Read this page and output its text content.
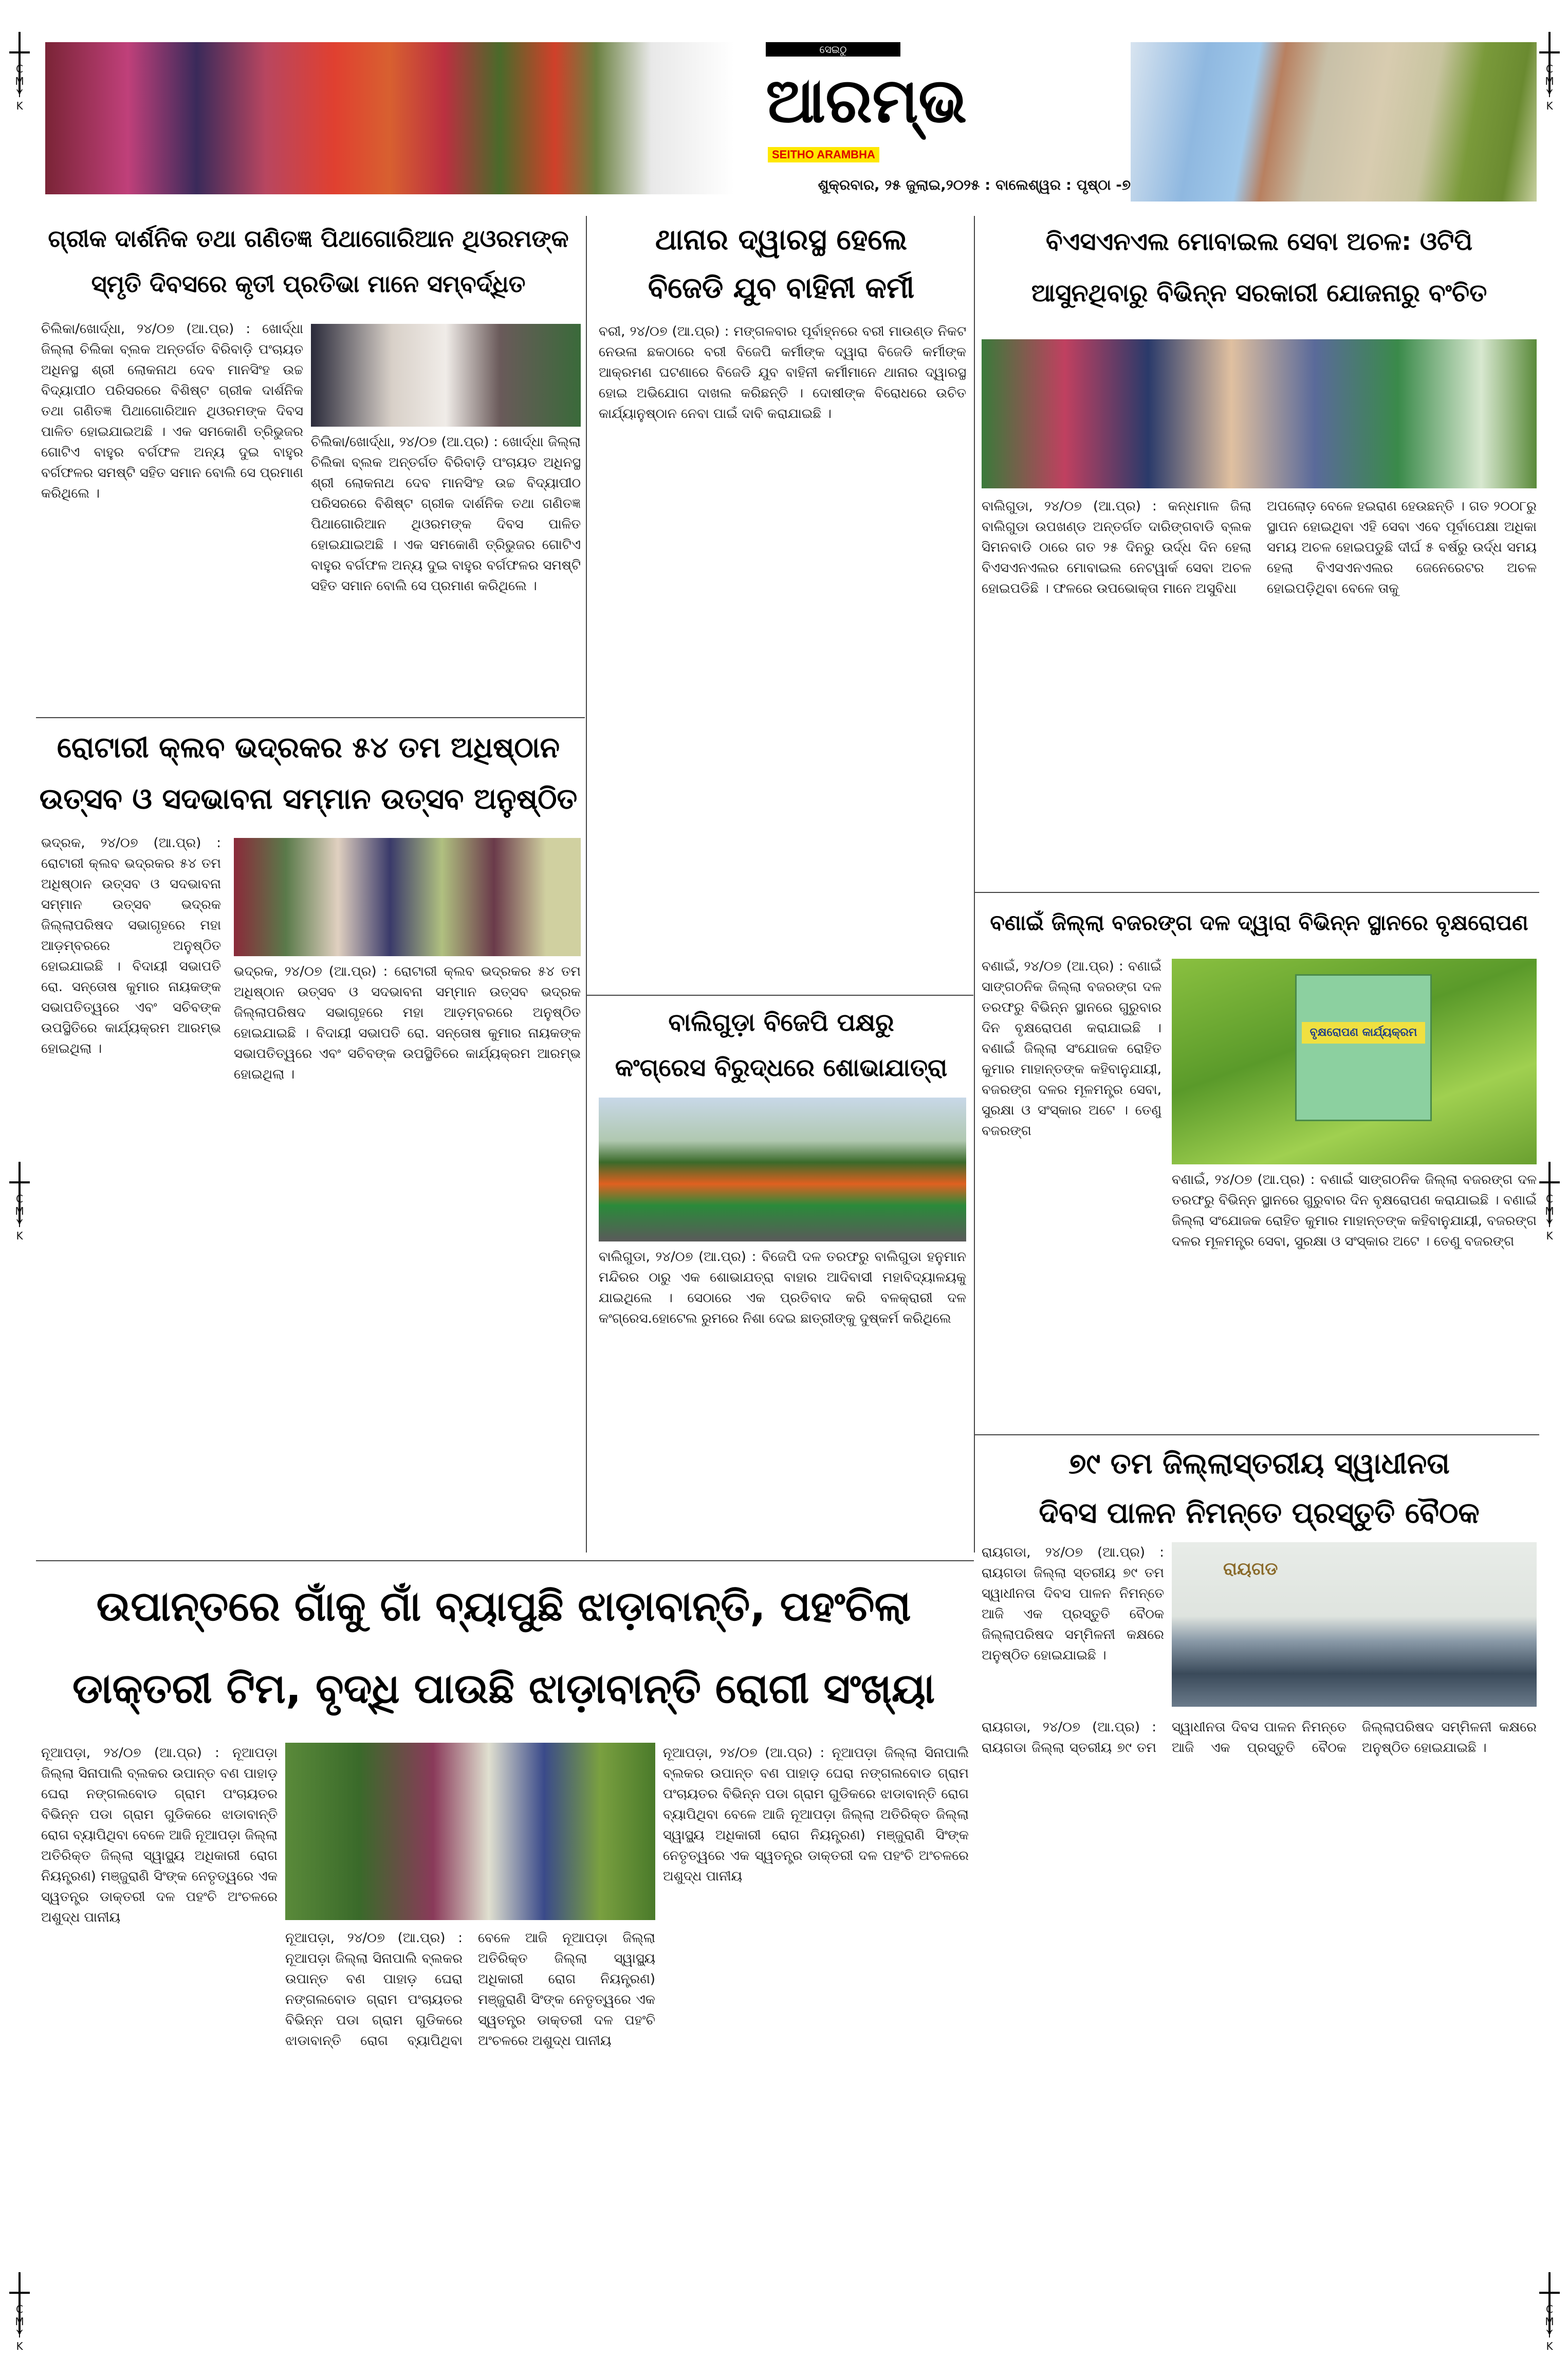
CMYK
CMYK
CMYK
CMYK
CMYK
CMYK
ସେଇଠୁ
ଆରମ୍ଭ
SEITHO ARAMBHA
ଶୁକ୍ରବାର, ୨୫ ଜୁଲାଇ,୨୦୨୫ : ବାଲେଶ୍ୱର : ପୃଷ୍ଠା -୭
ଗ୍ରୀକ ଦାର୍ଶନିକ ତଥା ଗଣିତଜ୍ଞ ପିଥାଗୋରିଆନ ଥିଓରମଙ୍କ
ସ୍ମୃତି ଦିବସରେ କୃତୀ ପ୍ରତିଭା ମାନେ ସମ୍ବର୍ଦ୍ଧିତ

ଚିଲିକା/ଖୋର୍ଦ୍ଧା, ୨୪/୦୭ (ଆ.ପ୍ର) : ଖୋର୍ଦ୍ଧା ଜିଲ୍ଲା ଚିଲିକା ବ୍ଲକ ଅନ୍ତର୍ଗତ ବିରିବାଡ଼ି ପଂଚାୟତ ଅଧିନସ୍ଥ ଶ୍ରୀ ଲୋକନାଥ ଦେବ ମାନସିଂହ ଉଚ୍ଚ ବିଦ୍ୟାପୀଠ ପରିସରରେ ବିଶିଷ୍ଟ ଗ୍ରୀକ ଦାର୍ଶନିକ ତଥା ଗଣିତଜ୍ଞ ପିଥାଗୋରିଆନ ଥିଓରମଙ୍କ ଦିବସ ପାଳିତ ହୋଇଯାଇଅଛି । ଏକ ସମକୋଣି ତ୍ରିଭୁଜର ଗୋଟିଏ ବାହୁର ବର୍ଗଫଳ ଅନ୍ୟ ଦୁଇ ବାହୁର ବର୍ଗଫଳର ସମଷ୍ଟି ସହିତ ସମାନ ବୋଲି ସେ ପ୍ରମାଣ କରିଥିଲେ ।

ଚିଲିକା/ଖୋର୍ଦ୍ଧା, ୨୪/୦୭ (ଆ.ପ୍ର) : ଖୋର୍ଦ୍ଧା ଜିଲ୍ଲା ଚିଲିକା ବ୍ଲକ ଅନ୍ତର୍ଗତ ବିରିବାଡ଼ି ପଂଚାୟତ ଅଧିନସ୍ଥ ଶ୍ରୀ ଲୋକନାଥ ଦେବ ମାନସିଂହ ଉଚ୍ଚ ବିଦ୍ୟାପୀଠ ପରିସରରେ ବିଶିଷ୍ଟ ଗ୍ରୀକ ଦାର୍ଶନିକ ତଥା ଗଣିତଜ୍ଞ ପିଥାଗୋରିଆନ ଥିଓରମଙ୍କ ଦିବସ ପାଳିତ ହୋଇଯାଇଅଛି । ଏକ ସମକୋଣି ତ୍ରିଭୁଜର ଗୋଟିଏ ବାହୁର ବର୍ଗଫଳ ଅନ୍ୟ ଦୁଇ ବାହୁର ବର୍ଗଫଳର ସମଷ୍ଟି ସହିତ ସମାନ ବୋଲି ସେ ପ୍ରମାଣ କରିଥିଲେ ।

ଥାନାର ଦ୍ୱାରସ୍ଥ ହେଲେ
ବିଜେଡି ଯୁବ ବାହିନୀ କର୍ମୀ

ବରୀ, ୨୪/୦୭ (ଆ.ପ୍ର) : ମଙ୍ଗଳବାର ପୂର୍ବାହ୍ନରେ ବରୀ ମାଉଣ୍ଡ ନିକଟ ନେଉଳା ଛକଠାରେ ବରୀ ବିଜେପି କର୍ମୀଙ୍କ ଦ୍ୱାରା ବିଜେଡି କର୍ମୀଙ୍କ ଆକ୍ରମଣ ଘଟଣାରେ ବିଜେଡି ଯୁବ ବାହିନୀ କର୍ମୀମାନେ ଥାନାର ଦ୍ୱାରସ୍ଥ ହୋଇ ଅଭିଯୋଗ ଦାଖଲ କରିଛନ୍ତି । ଦୋଷୀଙ୍କ ବିରୋଧରେ ଉଚିତ କାର୍ଯ୍ୟାନୁଷ୍ଠାନ ନେବା ପାଇଁ ଦାବି କରାଯାଇଛି ।

ବିଏସଏନଏଲ ମୋବାଇଲ ସେବା ଅଚଳ: ଓଟିପି
ଆସୁନଥିବାରୁ ବିଭିନ୍ନ ସରକାରୀ ଯୋଜନାରୁ ବଂଚିତ

ବାଲିଗୁଡା, ୨୪/୦୭ (ଆ.ପ୍ର) : କନ୍ଧମାଳ ଜିଲା ବାଲିଗୁଡା ଉପଖଣ୍ଡ ଅନ୍ତର୍ଗତ ଦାରିଙ୍ଗବାଡି ବ୍ଲକ ସିମନବାଡି ଠାରେ ଗତ ୨୫ ଦିନରୁ ଉର୍ଦ୍ଧ ଦିନ ହେଲା ବିଏସଏନଏଲର ମୋବାଇଲ ନେଟୱାର୍କ ସେବା ଅଚଳ ହୋଇପଡିଛି । ଫଳରେ ଉପଭୋକ୍ତା ମାନେ ଅସୁବିଧା

ଅପଲୋଡ଼ ବେଳେ ହଇରାଣ ହେଉଛନ୍ତି । ଗତ ୨୦୦୮ରୁ ସ୍ଥାପନ ହୋଇଥିବା ଏହି ସେବା ଏବେ ପୂର୍ବାପେକ୍ଷା ଅଧିକା ସମୟ ଅଚଳ ହୋଇପଡୁଛି ଦୀର୍ଘ ୫ ବର୍ଷରୁ ଉର୍ଦ୍ଧ ସମୟ ହେଲା ବିଏସଏନଏଲର ଜେନେରେଟର ଅଚଳ ହୋଇପଡ଼ିଥିବା ବେଳେ ତାକୁ

ରୋଟାରୀ କ୍ଲବ ଭଦ୍ରକର ୫୪ ତମ ଅଧିଷ୍ଠାନ
ଉତ୍ସବ ଓ ସଦଭାବନା ସମ୍ମାନ ଉତ୍ସବ ଅନୁଷ୍ଠିତ

ଭଦ୍ରକ, ୨୪/୦୭ (ଆ.ପ୍ର) : ରୋଟାରୀ କ୍ଲବ ଭଦ୍ରକର ୫୪ ତମ ଅଧିଷ୍ଠାନ ଉତ୍ସବ ଓ ସଦଭାବନା ସମ୍ମାନ ଉତ୍ସବ ଭଦ୍ରକ ଜିଲ୍ଲାପରିଷଦ ସଭାଗୃହରେ ମହା ଆଡ଼ମ୍ବରରେ ଅନୁଷ୍ଠିତ ହୋଇଯାଇଛି । ବିଦାୟୀ ସଭାପତି ରୋ. ସନ୍ତୋଷ କୁମାର ନାୟକଙ୍କ ସଭାପତିତ୍ୱରେ ଏବଂ ସଚିବଙ୍କ ଉପସ୍ଥିତିରେ କାର୍ଯ୍ୟକ୍ରମ ଆରମ୍ଭ ହୋଇଥିଲା ।

ଭଦ୍ରକ, ୨୪/୦୭ (ଆ.ପ୍ର) : ରୋଟାରୀ କ୍ଲବ ଭଦ୍ରକର ୫୪ ତମ ଅଧିଷ୍ଠାନ ଉତ୍ସବ ଓ ସଦଭାବନା ସମ୍ମାନ ଉତ୍ସବ ଭଦ୍ରକ ଜିଲ୍ଲାପରିଷଦ ସଭାଗୃହରେ ମହା ଆଡ଼ମ୍ବରରେ ଅନୁଷ୍ଠିତ ହୋଇଯାଇଛି । ବିଦାୟୀ ସଭାପତି ରୋ. ସନ୍ତୋଷ କୁମାର ନାୟକଙ୍କ ସଭାପତିତ୍ୱରେ ଏବଂ ସଚିବଙ୍କ ଉପସ୍ଥିତିରେ କାର୍ଯ୍ୟକ୍ରମ ଆରମ୍ଭ ହୋଇଥିଲା ।

ବାଲିଗୁଡ଼ା ବିଜେପି ପକ୍ଷରୁ
କଂଗ୍ରେସ ବିରୁଦ୍ଧରେ ଶୋଭାଯାତ୍ରା

ବାଲିଗୁଡା, ୨୪/୦୭ (ଆ.ପ୍ର) : ବିଜେପି ଦଳ ତରଫରୁ ବାଲିଗୁଡା ହନୁମାନ ମନ୍ଦିରର ଠାରୁ ଏକ ଶୋଭାଯତ୍ରା ବାହାର ଆଦିବାସୀ ମହାବିଦ୍ୟାଳୟକୁ ଯାଇଥିଲେ । ସେଠାରେ ଏକ ପ୍ରତିବାଦ କରି ବଳକ୍ରାରୀ ଦଳ କଂଗ୍ରେସ.ହୋଟେଲ ରୁମରେ ନିଶା ଦେଇ ଛାତ୍ରୀଙ୍କୁ ଦୁଷ୍କର୍ମ କରିଥିଲେ

ବଣାଇଁ ଜିଲ୍ଲା ବଜରଙ୍ଗ ଦଳ ଦ୍ୱାରା ବିଭିନ୍ନ ସ୍ଥାନରେ ବୃକ୍ଷରୋପଣ

ବଣାଇଁ, ୨୪/୦୭ (ଆ.ପ୍ର) : ବଣାଇଁ ସାଙ୍ଗଠନିକ ଜିଲ୍ଲା ବଜରଙ୍ଗ ଦଳ ତରଫରୁ ବିଭିନ୍ନ ସ୍ଥାନରେ ଗୁରୁବାର ଦିନ ବୃକ୍ଷରୋପଣ କରାଯାଇଛି । ବଣାଇଁ ଜିଲ୍ଲା ସଂଯୋଜକ ରୋହିତ କୁମାର ମାହାନ୍ତଙ୍କ କହିବାନୁଯାୟୀ, ବଜରଙ୍ଗ ଦଳର ମୂଳମନ୍ତ୍ର ସେବା, ସୁରକ୍ଷା ଓ ସଂସ୍କାର ଅଟେ । ତେଣୁ ବଜରଙ୍ଗ

ବୃକ୍ଷରୋପଣ କାର୍ଯ୍ୟକ୍ରମ

ବଣାଇଁ, ୨୪/୦୭ (ଆ.ପ୍ର) : ବଣାଇଁ ସାଙ୍ଗଠନିକ ଜିଲ୍ଲା ବଜରଙ୍ଗ ଦଳ ତରଫରୁ ବିଭିନ୍ନ ସ୍ଥାନରେ ଗୁରୁବାର ଦିନ ବୃକ୍ଷରୋପଣ କରାଯାଇଛି । ବଣାଇଁ ଜିଲ୍ଲା ସଂଯୋଜକ ରୋହିତ କୁମାର ମାହାନ୍ତଙ୍କ କହିବାନୁଯାୟୀ, ବଜରଙ୍ଗ ଦଳର ମୂଳମନ୍ତ୍ର ସେବା, ସୁରକ୍ଷା ଓ ସଂସ୍କାର ଅଟେ । ତେଣୁ ବଜରଙ୍ଗ

୭୯ ତମ ଜିଲ୍ଲାସ୍ତରୀୟ ସ୍ୱାଧୀନତା
ଦିବସ ପାଳନ ନିମନ୍ତେ ପ୍ରସ୍ତୁତି ବୈଠକ

ରାୟଗଡା, ୨୪/୦୭ (ଆ.ପ୍ର) : ରାୟଗଡା ଜିଲ୍ଲା ସ୍ତରୀୟ ୭୯ ତମ ସ୍ୱାଧୀନତା ଦିବସ ପାଳନ ନିମନ୍ତେ ଆଜି ଏକ ପ୍ରସ୍ତୁତି ବୈଠକ ଜିଲ୍ଲାପରିଷଦ ସମ୍ମିଳନୀ କକ୍ଷରେ ଅନୁଷ୍ଠିତ ହୋଇଯାଇଛି ।

ରାୟଗଡ

ରାୟଗଡା, ୨୪/୦୭ (ଆ.ପ୍ର) : ରାୟଗଡା ଜିଲ୍ଲା ସ୍ତରୀୟ ୭୯ ତମ ସ୍ୱାଧୀନତା ଦିବସ ପାଳନ ନିମନ୍ତେ ଆଜି ଏକ ପ୍ରସ୍ତୁତି ବୈଠକ ଜିଲ୍ଲାପରିଷଦ ସମ୍ମିଳନୀ କକ୍ଷରେ ଅନୁଷ୍ଠିତ ହୋଇଯାଇଛି ।

ଉପାନ୍ତରେ ଗାଁକୁ ଗାଁ ବ୍ୟାପୁଛି ଝାଡ଼ାବାନ୍ତି, ପହଂଚିଲା
ଡାକ୍ତରୀ ଟିମ, ବୃଦ୍ଧି ପାଉଛି ଝାଡ଼ାବାନ୍ତି ରୋଗୀ ସଂଖ୍ୟା

ନୂଆପଡ଼ା, ୨୪/୦୭ (ଆ.ପ୍ର) : ନୂଆପଡ଼ା ଜିଲ୍ଲା ସିନାପାଲି ବ୍ଲକର ଉପାନ୍ତ ବଣ ପାହାଡ଼ ଘେରା ନଙ୍ଗଲବୋଡ ଗ୍ରାମ ପଂଚାୟତର ବିଭିନ୍ନ ପଡା ଗ୍ରାମ ଗୁଡିକରେ ଝାଡାବାନ୍ତି ରୋଗ ବ୍ୟାପିଥିବା ବେଳେ ଆଜି ନୂଆପଡ଼ା ଜିଲ୍ଲା ଅତିରିକ୍ତ ଜିଲ୍ଲା ସ୍ୱାସ୍ଥ୍ୟ ଅଧିକାରୀ ରୋଗ ନିୟନ୍ତ୍ରଣ) ମଞ୍ଜୁରାଣି ସିଂଙ୍କ ନେତୃତ୍ୱରେ ଏକ ସ୍ୱତନ୍ତ୍ର ଡାକ୍ତରୀ ଦଳ ପହଂଚି ଅଂଚଳରେ ଅଶୁଦ୍ଧ ପାନୀୟ

ନୂଆପଡ଼ା, ୨୪/୦୭ (ଆ.ପ୍ର) : ନୂଆପଡ଼ା ଜିଲ୍ଲା ସିନାପାଲି ବ୍ଲକର ଉପାନ୍ତ ବଣ ପାହାଡ଼ ଘେରା ନଙ୍ଗଲବୋଡ ଗ୍ରାମ ପଂଚାୟତର ବିଭିନ୍ନ ପଡା ଗ୍ରାମ ଗୁଡିକରେ ଝାଡାବାନ୍ତି ରୋଗ ବ୍ୟାପିଥିବା ବେଳେ ଆଜି ନୂଆପଡ଼ା ଜିଲ୍ଲା ଅତିରିକ୍ତ ଜିଲ୍ଲା ସ୍ୱାସ୍ଥ୍ୟ ଅଧିକାରୀ ରୋଗ ନିୟନ୍ତ୍ରଣ) ମଞ୍ଜୁରାଣି ସିଂଙ୍କ ନେତୃତ୍ୱରେ ଏକ ସ୍ୱତନ୍ତ୍ର ଡାକ୍ତରୀ ଦଳ ପହଂଚି ଅଂଚଳରେ ଅଶୁଦ୍ଧ ପାନୀୟ

ନୂଆପଡ଼ା, ୨୪/୦୭ (ଆ.ପ୍ର) : ନୂଆପଡ଼ା ଜିଲ୍ଲା ସିନାପାଲି ବ୍ଲକର ଉପାନ୍ତ ବଣ ପାହାଡ଼ ଘେରା ନଙ୍ଗଲବୋଡ ଗ୍ରାମ ପଂଚାୟତର ବିଭିନ୍ନ ପଡା ଗ୍ରାମ ଗୁଡିକରେ ଝାଡାବାନ୍ତି ରୋଗ ବ୍ୟାପିଥିବା ବେଳେ ଆଜି ନୂଆପଡ଼ା ଜିଲ୍ଲା ଅତିରିକ୍ତ ଜିଲ୍ଲା ସ୍ୱାସ୍ଥ୍ୟ ଅଧିକାରୀ ରୋଗ ନିୟନ୍ତ୍ରଣ) ମଞ୍ଜୁରାଣି ସିଂଙ୍କ ନେତୃତ୍ୱରେ ଏକ ସ୍ୱତନ୍ତ୍ର ଡାକ୍ତରୀ ଦଳ ପହଂଚି ଅଂଚଳରେ ଅଶୁଦ୍ଧ ପାନୀୟ
